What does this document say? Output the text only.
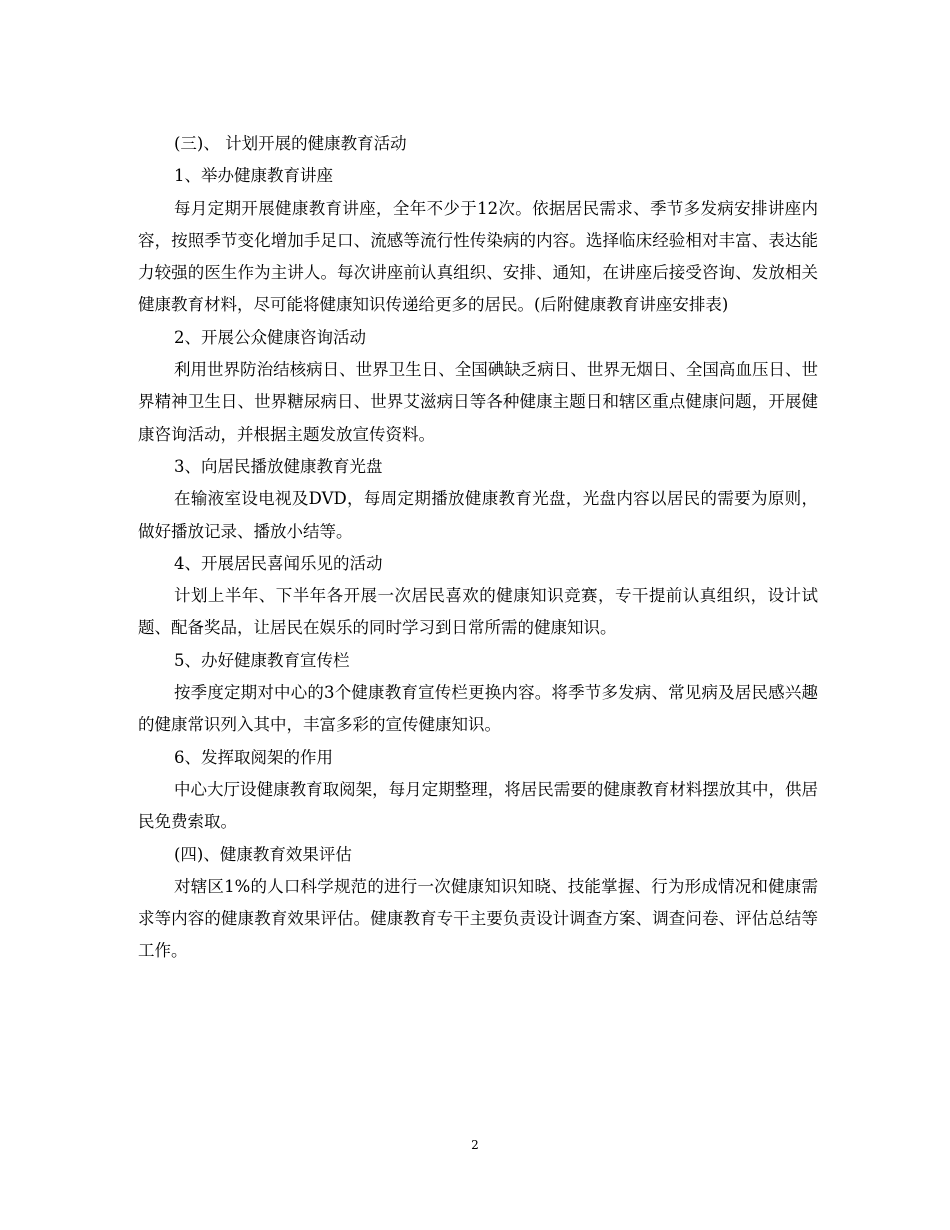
(三)、 计划开展的健康教育活动

1、举办健康教育讲座

每月定期开展健康教育讲座，全年不少于12次。依据居民需求、季节多发病安排讲座内容，按照季节变化增加手足口、流感等流行性传染病的内容。选择临床经验相对丰富、表达能力较强的医生作为主讲人。每次讲座前认真组织、安排、通知，在讲座后接受咨询、发放相关健康教育材料，尽可能将健康知识传递给更多的居民。(后附健康教育讲座安排表)

2、开展公众健康咨询活动

利用世界防治结核病日、世界卫生日、全国碘缺乏病日、世界无烟日、全国高血压日、世界精神卫生日、世界糖尿病日、世界艾滋病日等各种健康主题日和辖区重点健康问题，开展健康咨询活动，并根据主题发放宣传资料。

3、向居民播放健康教育光盘

在输液室设电视及DVD，每周定期播放健康教育光盘，光盘内容以居民的需要为原则，做好播放记录、播放小结等。

4、开展居民喜闻乐见的活动

计划上半年、下半年各开展一次居民喜欢的健康知识竞赛，专干提前认真组织，设计试题、配备奖品，让居民在娱乐的同时学习到日常所需的健康知识。

5、办好健康教育宣传栏

按季度定期对中心的3个健康教育宣传栏更换内容。将季节多发病、常见病及居民感兴趣的健康常识列入其中，丰富多彩的宣传健康知识。

6、发挥取阅架的作用

中心大厅设健康教育取阅架，每月定期整理，将居民需要的健康教育材料摆放其中，供居民免费索取。

(四)、健康教育效果评估

对辖区1%的人口科学规范的进行一次健康知识知晓、技能掌握、行为形成情况和健康需求等内容的健康教育效果评估。健康教育专干主要负责设计调查方案、调查问卷、评估总结等工作。

2
